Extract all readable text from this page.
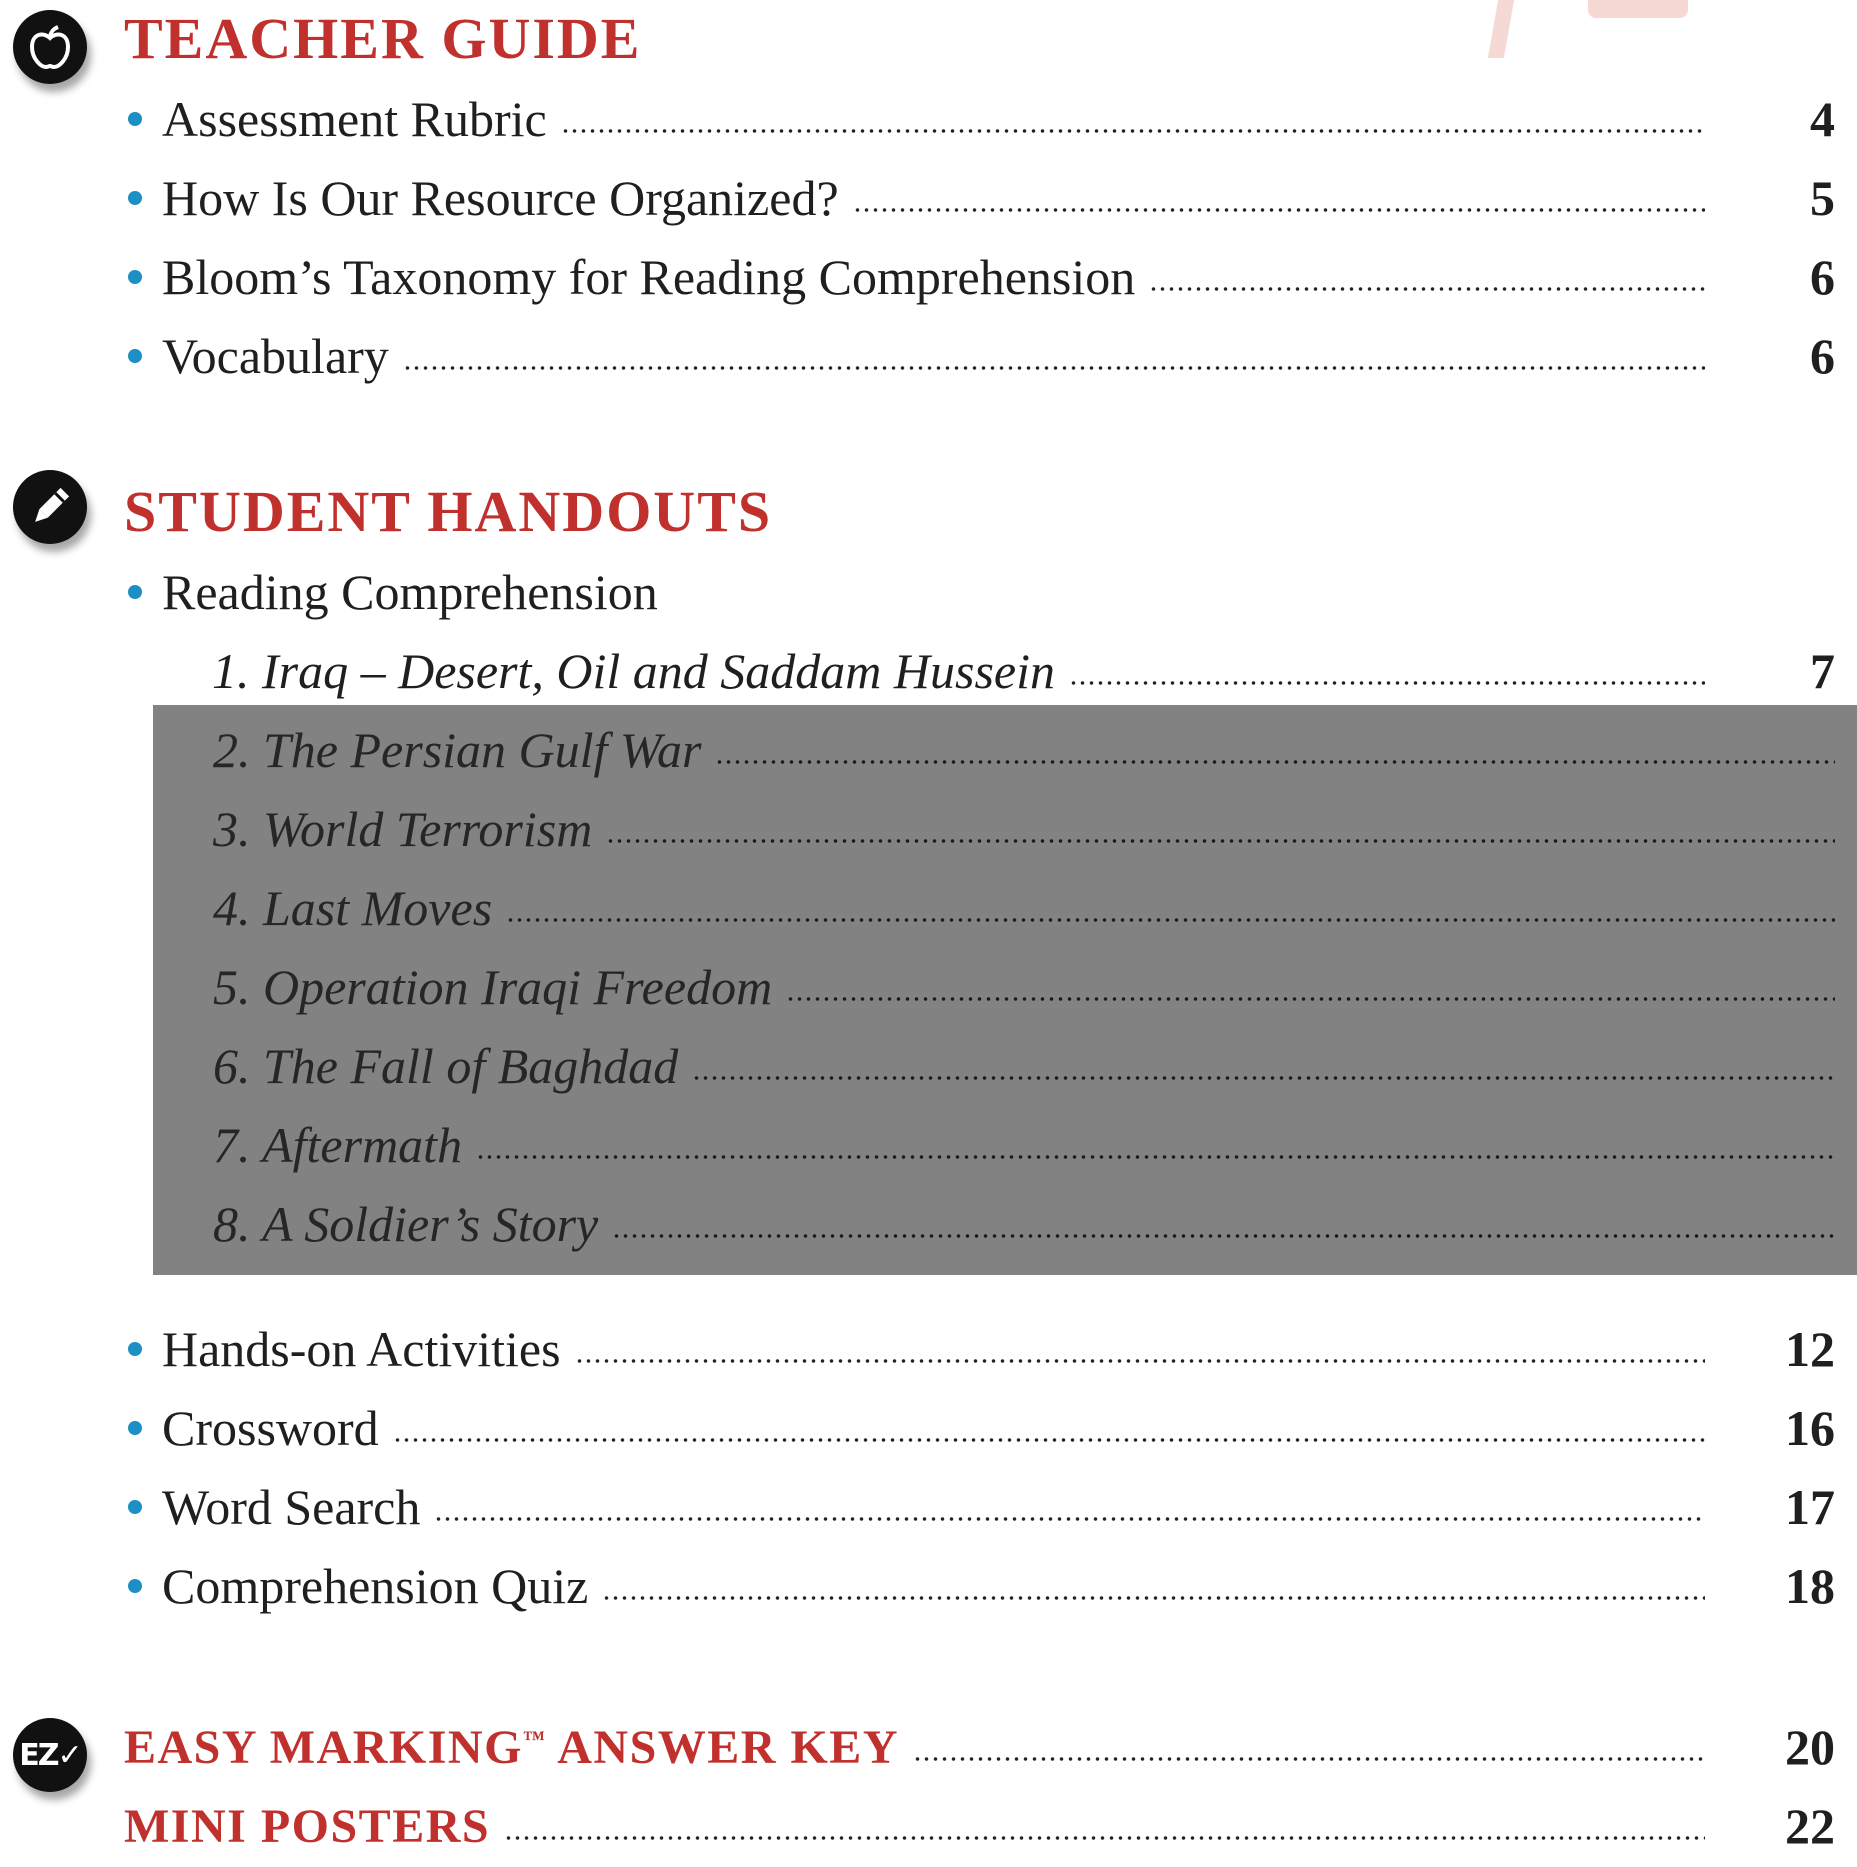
TEACHER GUIDE
Assessment Rubric	4
How Is Our Resource Organized?	5
Bloom’s Taxonomy for Reading Comprehension	6
Vocabulary	6
STUDENT HANDOUTS
Reading Comprehension
1. Iraq – Desert, Oil and Saddam Hussein	7
2. The Persian Gulf War
3. World Terrorism
4. Last Moves
5. Operation Iraqi Freedom
6. The Fall of Baghdad
7. Aftermath
8. A Soldier’s Story
Hands-on Activities	12
Crossword	16
Word Search	17
Comprehension Quiz	18
EZ✓ EASY MARKING™ ANSWER KEY	20
MINI POSTERS	22
